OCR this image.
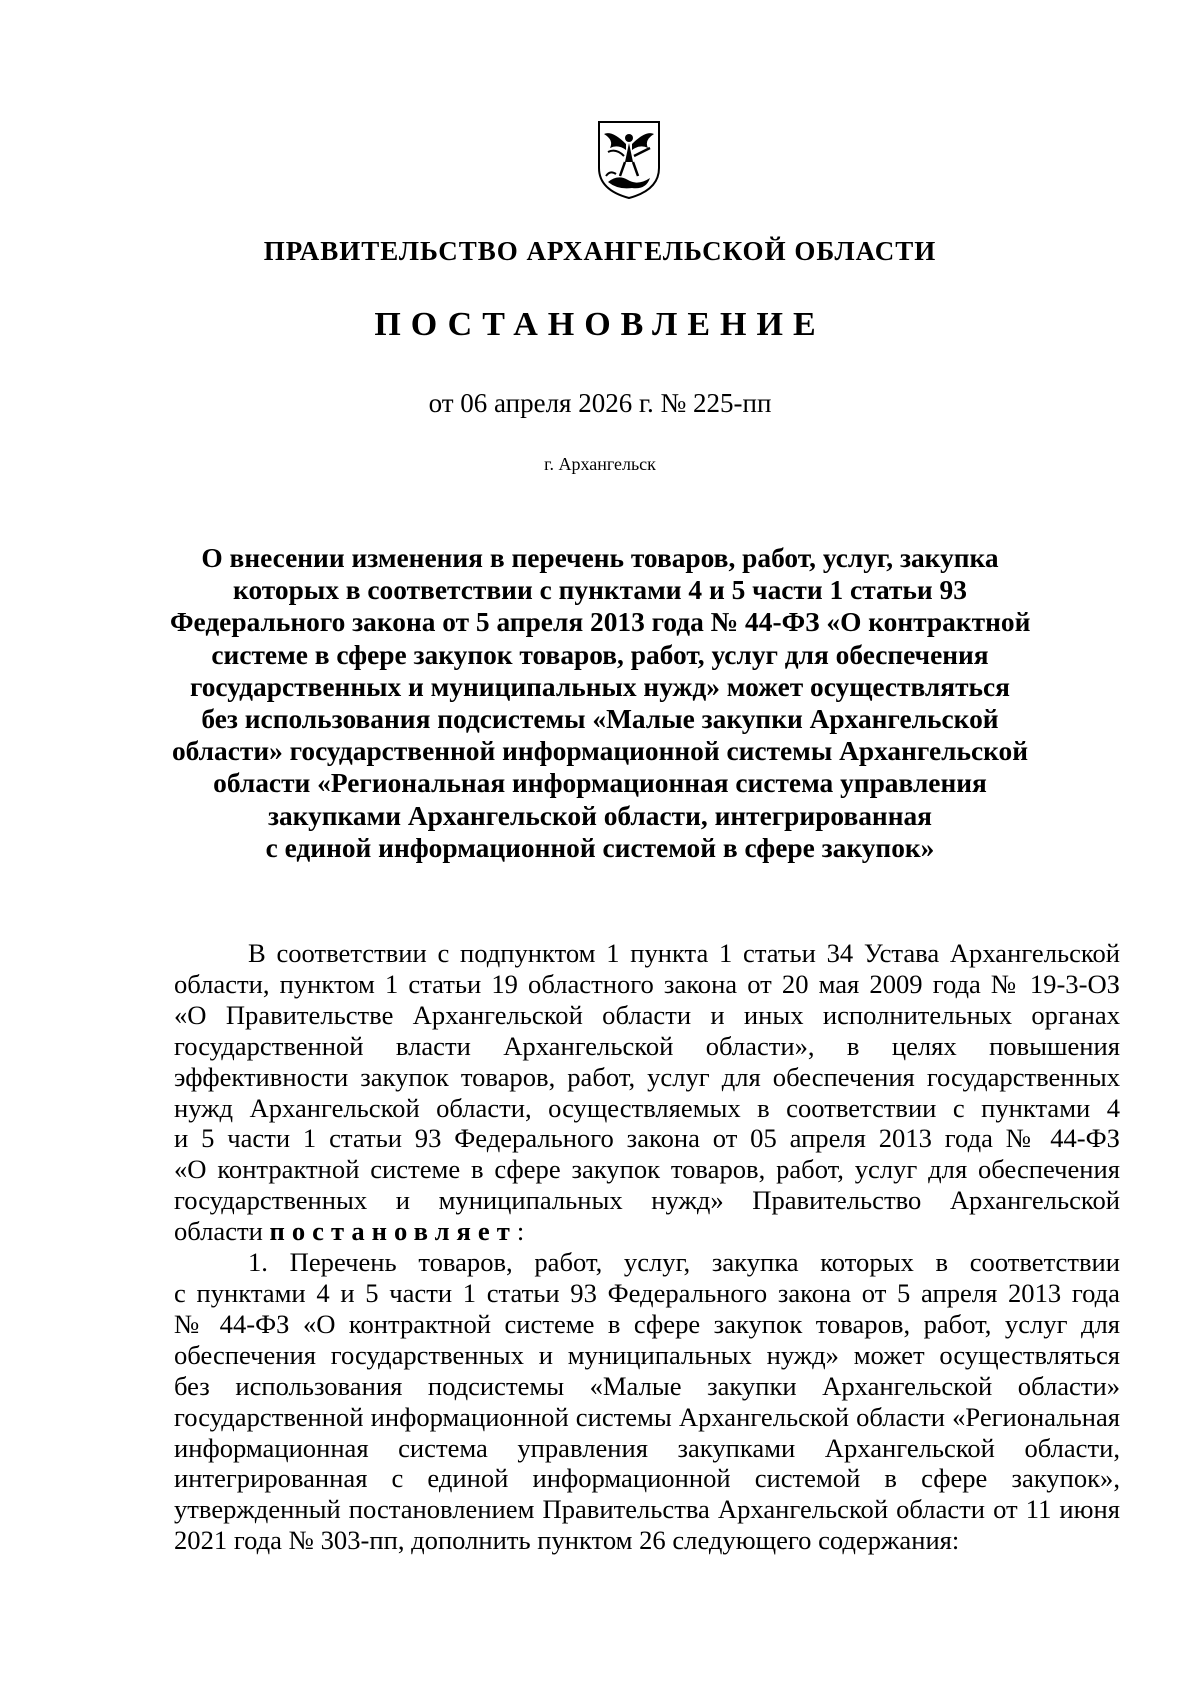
ПРАВИТЕЛЬСТВО АРХАНГЕЛЬСКОЙ ОБЛАСТИ
ПОСТАНОВЛЕНИЕ
от 06 апреля 2026 г. № 225-пп
г. Архангельск
О внесении изменения в перечень товаров, работ, услуг, закупка
которых в соответствии с пунктами 4 и 5 части 1 статьи 93
Федерального закона от 5 апреля 2013 года № 44-ФЗ «О контрактной
системе в сфере закупок товаров, работ, услуг для обеспечения
государственных и муниципальных нужд» может осуществляться
без использования подсистемы «Малые закупки Архангельской
области» государственной информационной системы Архангельской
области «Региональная информационная система управления
закупками Архангельской области, интегрированная
с единой информационной системой в сфере закупок»
В соответствии с подпунктом 1 пункта 1 статьи 34 Устава Архангельской
области, пунктом 1 статьи 19 областного закона от 20 мая 2009 года № 19-3-ОЗ
«О Правительстве Архангельской области и иных исполнительных органах
государственной власти Архангельской области», в целях повышения
эффективности закупок товаров, работ, услуг для обеспечения государственных
нужд Архангельской области, осуществляемых в соответствии с пунктами 4
и 5 части 1 статьи 93 Федерального закона от 05 апреля 2013 года № 44-ФЗ
«О контрактной системе в сфере закупок товаров, работ, услуг для обеспечения
государственных и муниципальных нужд» Правительство Архангельской
области постановляет:
1. Перечень товаров, работ, услуг, закупка которых в соответствии
с пунктами 4 и 5 части 1 статьи 93 Федерального закона от 5 апреля 2013 года
№ 44-ФЗ «О контрактной системе в сфере закупок товаров, работ, услуг для
обеспечения государственных и муниципальных нужд» может осуществляться
без использования подсистемы «Малые закупки Архангельской области»
государственной информационной системы Архангельской области «Региональная
информационная система управления закупками Архангельской области,
интегрированная с единой информационной системой в сфере закупок»,
утвержденный постановлением Правительства Архангельской области от 11 июня
2021 года № 303-пп, дополнить пунктом 26 следующего содержания:
